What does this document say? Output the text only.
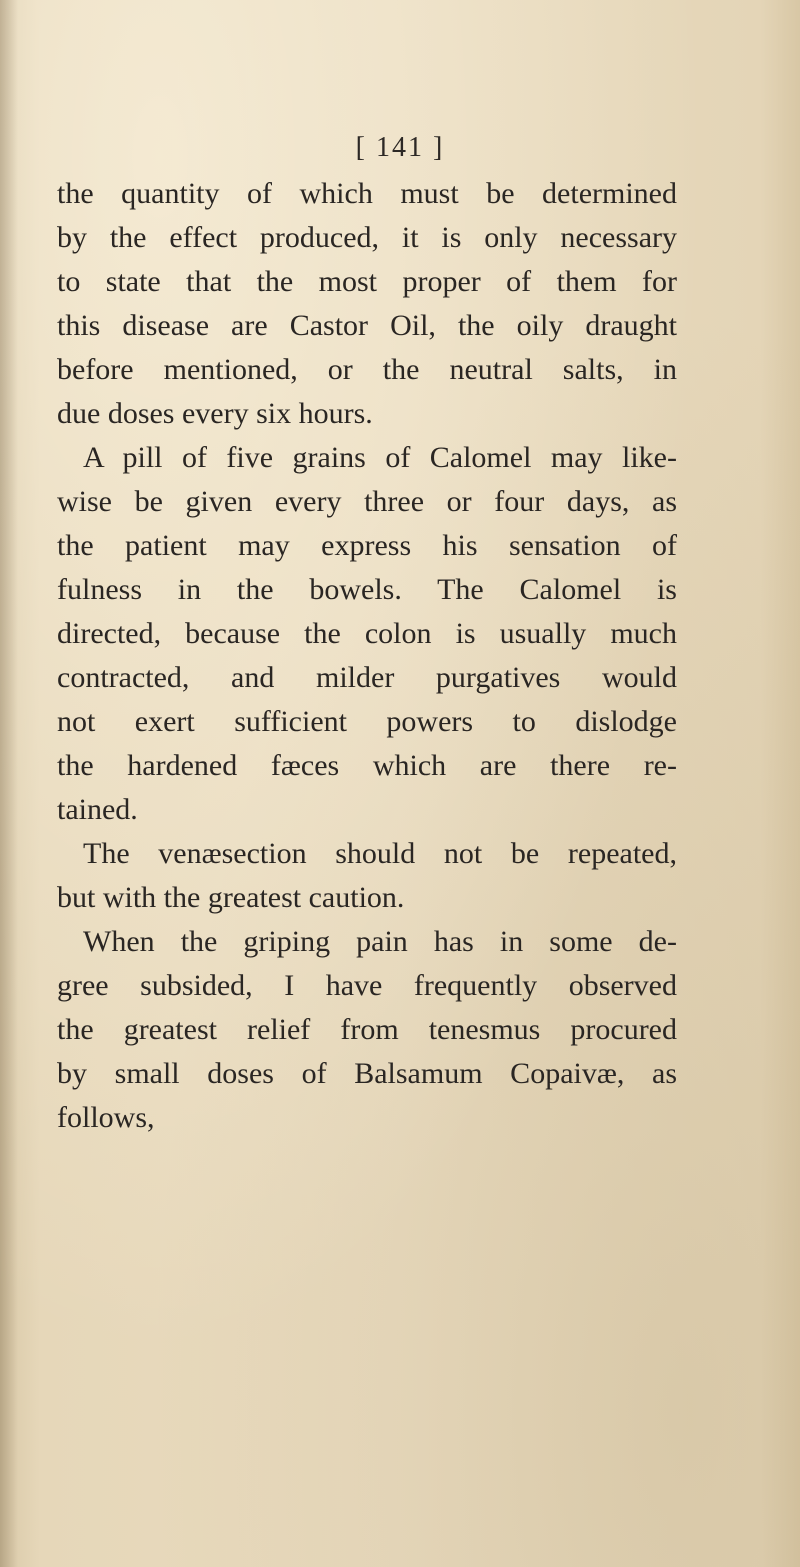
[ 141 ]
the quantity of which must be determined
by the effect produced, it is only necessary
to state that the most proper of them for
this disease are Castor Oil, the oily draught
before mentioned, or the neutral salts, in
due doses every six hours.
A pill of five grains of Calomel may like-
wise be given every three or four days, as
the patient may express his sensation of
fulness in the bowels. The Calomel is
directed, because the colon is usually much
contracted, and milder purgatives would
not exert sufficient powers to dislodge
the hardened fæces which are there re-
tained.
The venæsection should not be repeated,
but with the greatest caution.
When the griping pain has in some de-
gree subsided, I have frequently observed
the greatest relief from tenesmus procured
by small doses of Balsamum Copaivæ, as
follows,
